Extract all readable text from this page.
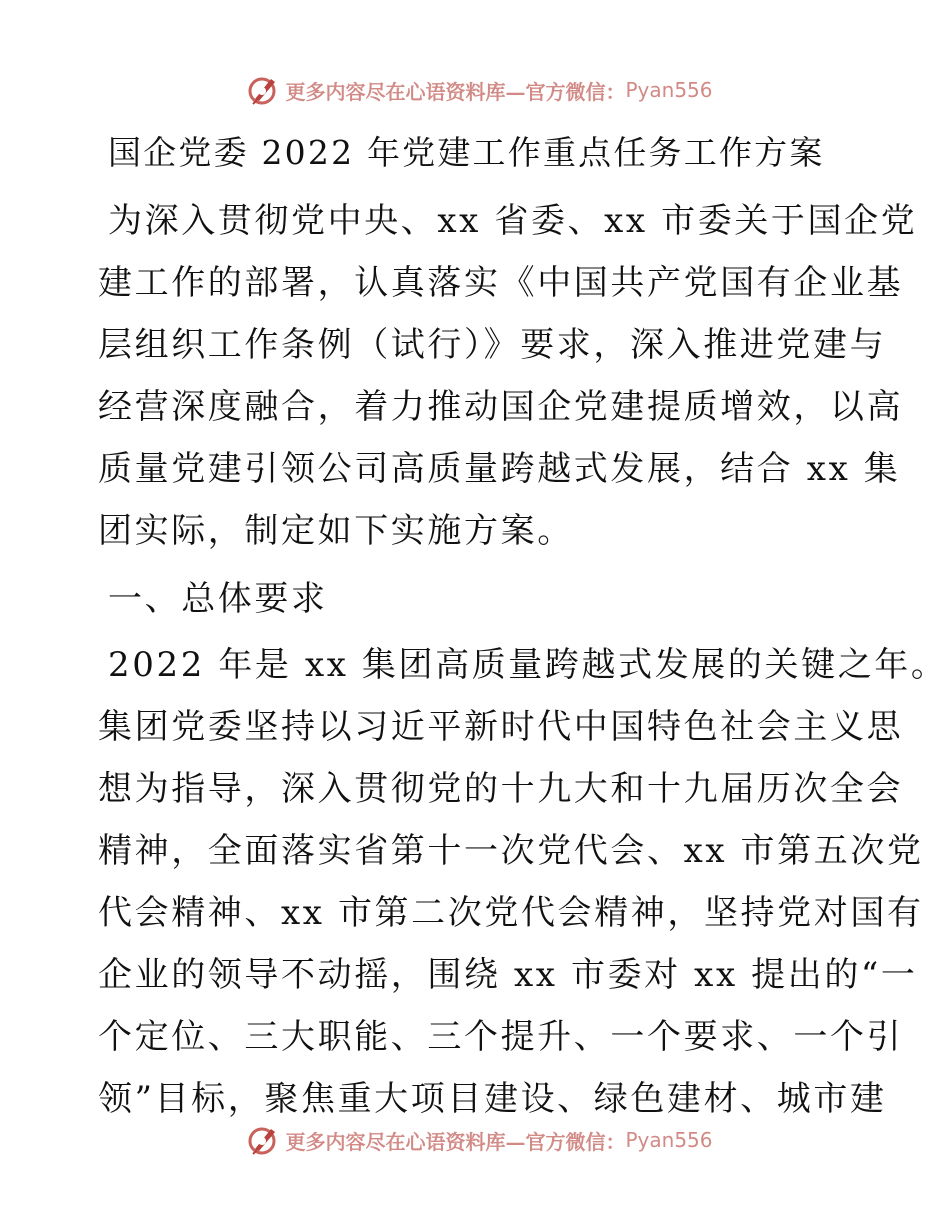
更多内容尽在心语资料库—官方微信： Pyan556
国企党委 2022 年党建工作重点任务工作方案
为深入贯彻党中央、xx 省委、xx 市委关于国企党
建工作的部署，认真落实《中国共产党国有企业基
层组织工作条例（试行）》要求，深入推进党建与
经营深度融合，着力推动国企党建提质增效，以高
质量党建引领公司高质量跨越式发展，结合 xx 集
团实际，制定如下实施方案。
一、总体要求
2022 年是 xx 集团高质量跨越式发展的关键之年。
集团党委坚持以习近平新时代中国特色社会主义思
想为指导，深入贯彻党的十九大和十九届历次全会
精神，全面落实省第十一次党代会、xx 市第五次党
代会精神、xx 市第二次党代会精神，坚持党对国有
企业的领导不动摇，围绕 xx 市委对 xx 提出的“一
个定位、三大职能、三个提升、一个要求、一个引
领”目标，聚焦重大项目建设、绿色建材、城市建
更多内容尽在心语资料库—官方微信： Pyan556
